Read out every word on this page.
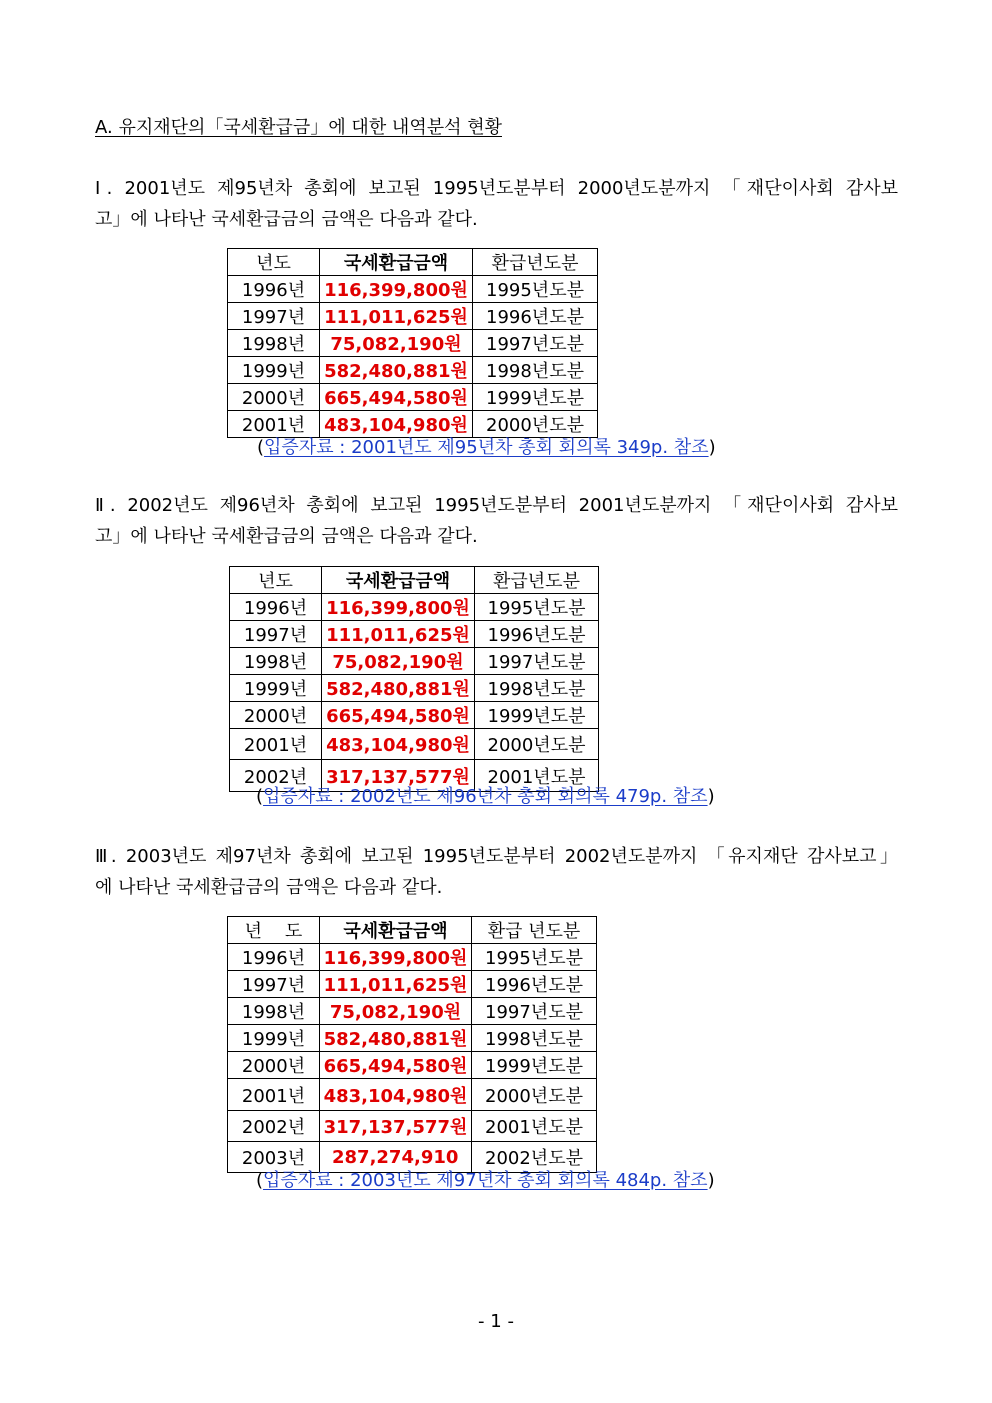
A. 유지재단의「국세환급금」에 대한 내역분석 현황
Ⅰ. 2001년도 제95년차 총회에 보고된 1995년도분부터 2000년도분까지 「재단이사회 감사보
고」에 나타난 국세환급금의 금액은 다음과 같다.
년도	국세환급금액	환급년도분
1996년	116,399,800원	1995년도분
1997년	111,011,625원	1996년도분
1998년	75,082,190원	1997년도분
1999년	582,480,881원	1998년도분
2000년	665,494,580원	1999년도분
2001년	483,104,980원	2000년도분
(입증자료 : 2001년도 제95년차 총회 회의록 349p. 참조)
Ⅱ. 2002년도 제96년차 총회에 보고된 1995년도분부터 2001년도분까지 「재단이사회 감사보
고」에 나타난 국세환급금의 금액은 다음과 같다.
년도	국세환급금액	환급년도분
1996년	116,399,800원	1995년도분
1997년	111,011,625원	1996년도분
1998년	75,082,190원	1997년도분
1999년	582,480,881원	1998년도분
2000년	665,494,580원	1999년도분
2001년	483,104,980원	2000년도분
2002년	317,137,577원	2001년도분
(입증자료 : 2002년도 제96년차 총회 회의록 479p. 참조)
Ⅲ. 2003년도 제97년차 총회에 보고된 1995년도분부터 2002년도분까지 「유지재단 감사보고」
에 나타난 국세환급금의 금액은 다음과 같다.
년    도	국세환급금액	환급 년도분
1996년	116,399,800원	1995년도분
1997년	111,011,625원	1996년도분
1998년	75,082,190원	1997년도분
1999년	582,480,881원	1998년도분
2000년	665,494,580원	1999년도분
2001년	483,104,980원	2000년도분
2002년	317,137,577원	2001년도분
2003년	287,274,910	2002년도분
(입증자료 : 2003년도 제97년차 총회 회의록 484p. 참조)
- 1 -
